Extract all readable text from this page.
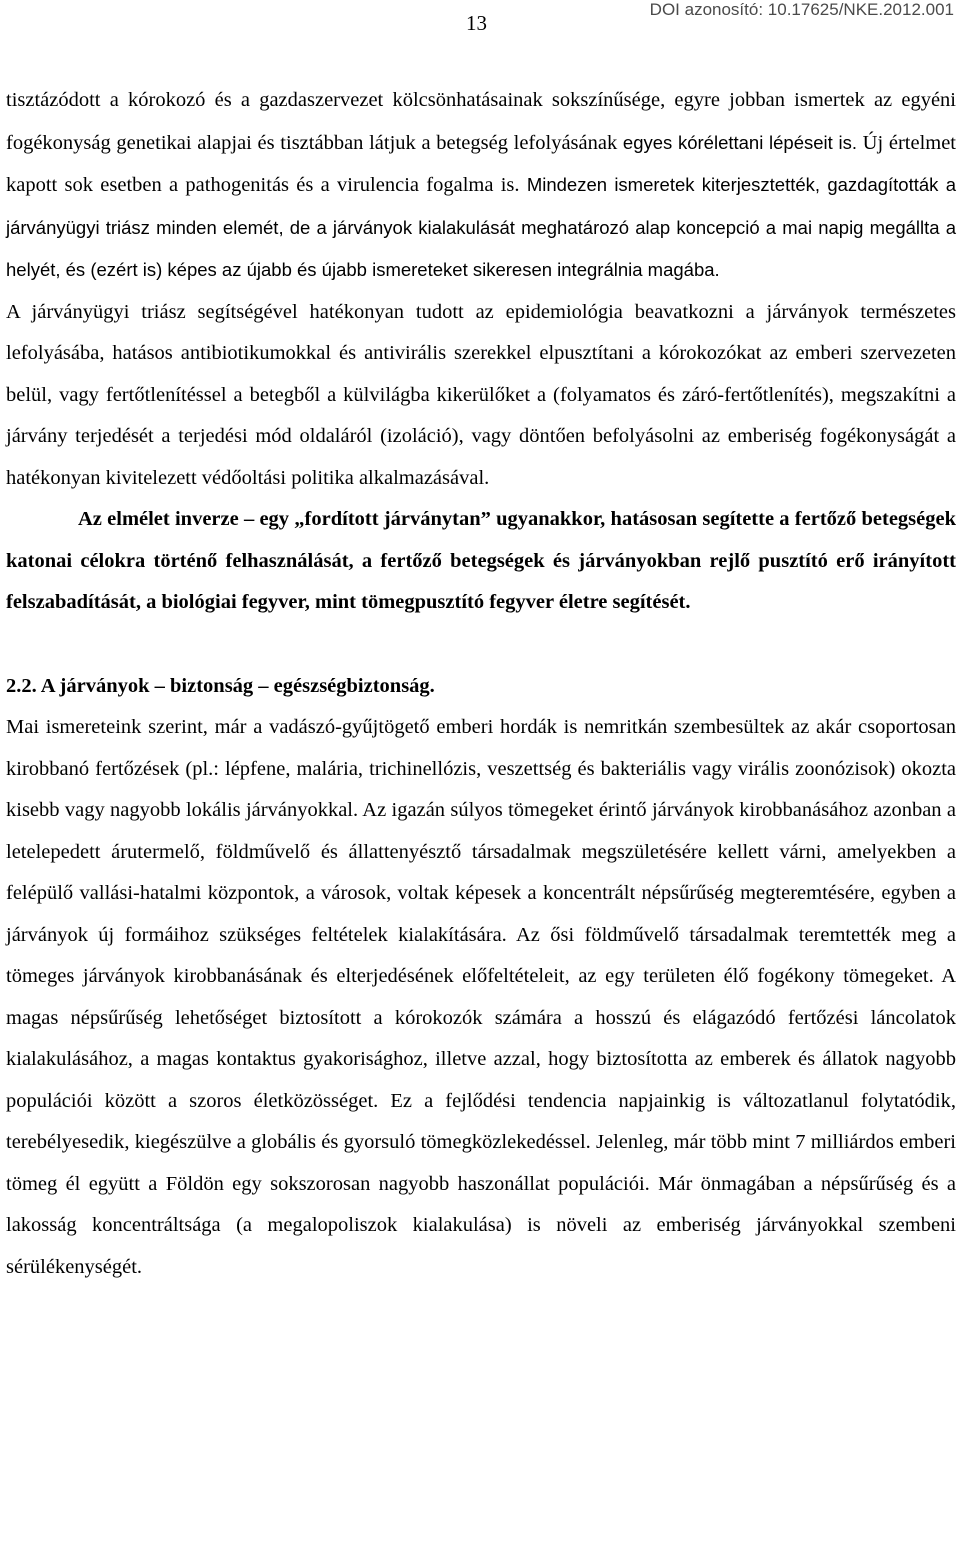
13
DOI azonosító: 10.17625/NKE.2012.001

tisztázódott a kórokozó és a gazdaszervezet kölcsönhatásainak sokszínűsége, egyre jobban ismertek az egyéni fogékonyság genetikai alapjai és tisztábban látjuk a betegség lefolyásának egyes kórélettani lépéseit is. Új értelmet kapott sok esetben a pathogenitás és a virulencia fogalma is. Mindezen ismeretek kiterjesztették, gazdagították a járványügyi triász minden elemét, de a járványok kialakulását meghatározó alap koncepció a mai napig megállta a helyét, és (ezért is) képes az újabb és újabb ismereteket sikeresen integrálnia magába.

A járványügyi triász segítségével hatékonyan tudott az epidemiológia beavatkozni a járványok természetes lefolyásába, hatásos antibiotikumokkal és antivirális szerekkel elpusztítani a kórokozókat az emberi szervezeten belül, vagy fertőtlenítéssel a betegből a külvilágba kikerülőket a (folyamatos és záró-fertőtlenítés), megszakítni a járvány terjedését a terjedési mód oldaláról (izoláció), vagy döntően befolyásolni az emberiség fogékonyságát a hatékonyan kivitelezett védőoltási politika alkalmazásával.

Az elmélet inverze – egy „fordított járványtan” ugyanakkor, hatásosan segítette a fertőző betegségek katonai célokra történő felhasználását, a fertőző betegségek és járványokban rejlő pusztító erő irányított felszabadítását, a biológiai fegyver, mint tömegpusztító fegyver életre segítését.

2.2. A járványok – biztonság – egészségbiztonság.

Mai ismereteink szerint, már a vadászó-gyűjtögető emberi hordák is nemritkán szembesültek az akár csoportosan kirobbanó fertőzések (pl.: lépfene, malária, trichinellózis, veszettség és bakteriális vagy virális zoonózisok) okozta kisebb vagy nagyobb lokális járványokkal. Az igazán súlyos tömegeket érintő járványok kirobbanásához azonban a letelepedett árutermelő, földművelő és állattenyésztő társadalmak megszületésére kellett várni, amelyekben a felépülő vallási-hatalmi központok, a városok, voltak képesek a koncentrált népsűrűség megteremtésére, egyben a járványok új formáihoz szükséges feltételek kialakítására. Az ősi földművelő társadalmak teremtették meg a tömeges járványok kirobbanásának és elterjedésének előfeltételeit, az egy területen élő fogékony tömegeket. A magas népsűrűség lehetőséget biztosított a kórokozók számára a hosszú és elágazódó fertőzési láncolatok kialakulásához, a magas kontaktus gyakorisághoz, illetve azzal, hogy biztosította az emberek és állatok nagyobb populációi között a szoros életközösséget. Ez a fejlődési tendencia napjainkig is változatlanul folytatódik, terebélyesedik, kiegészülve a globális és gyorsuló tömegközlekedéssel. Jelenleg, már több mint 7 milliárdos emberi tömeg él együtt a Földön egy sokszorosan nagyobb haszonállat populációi. Már önmagában a népsűrűség és a lakosság koncentráltsága (a megalopoliszok kialakulása) is növeli az emberiség járványokkal szembeni sérülékenységét.
